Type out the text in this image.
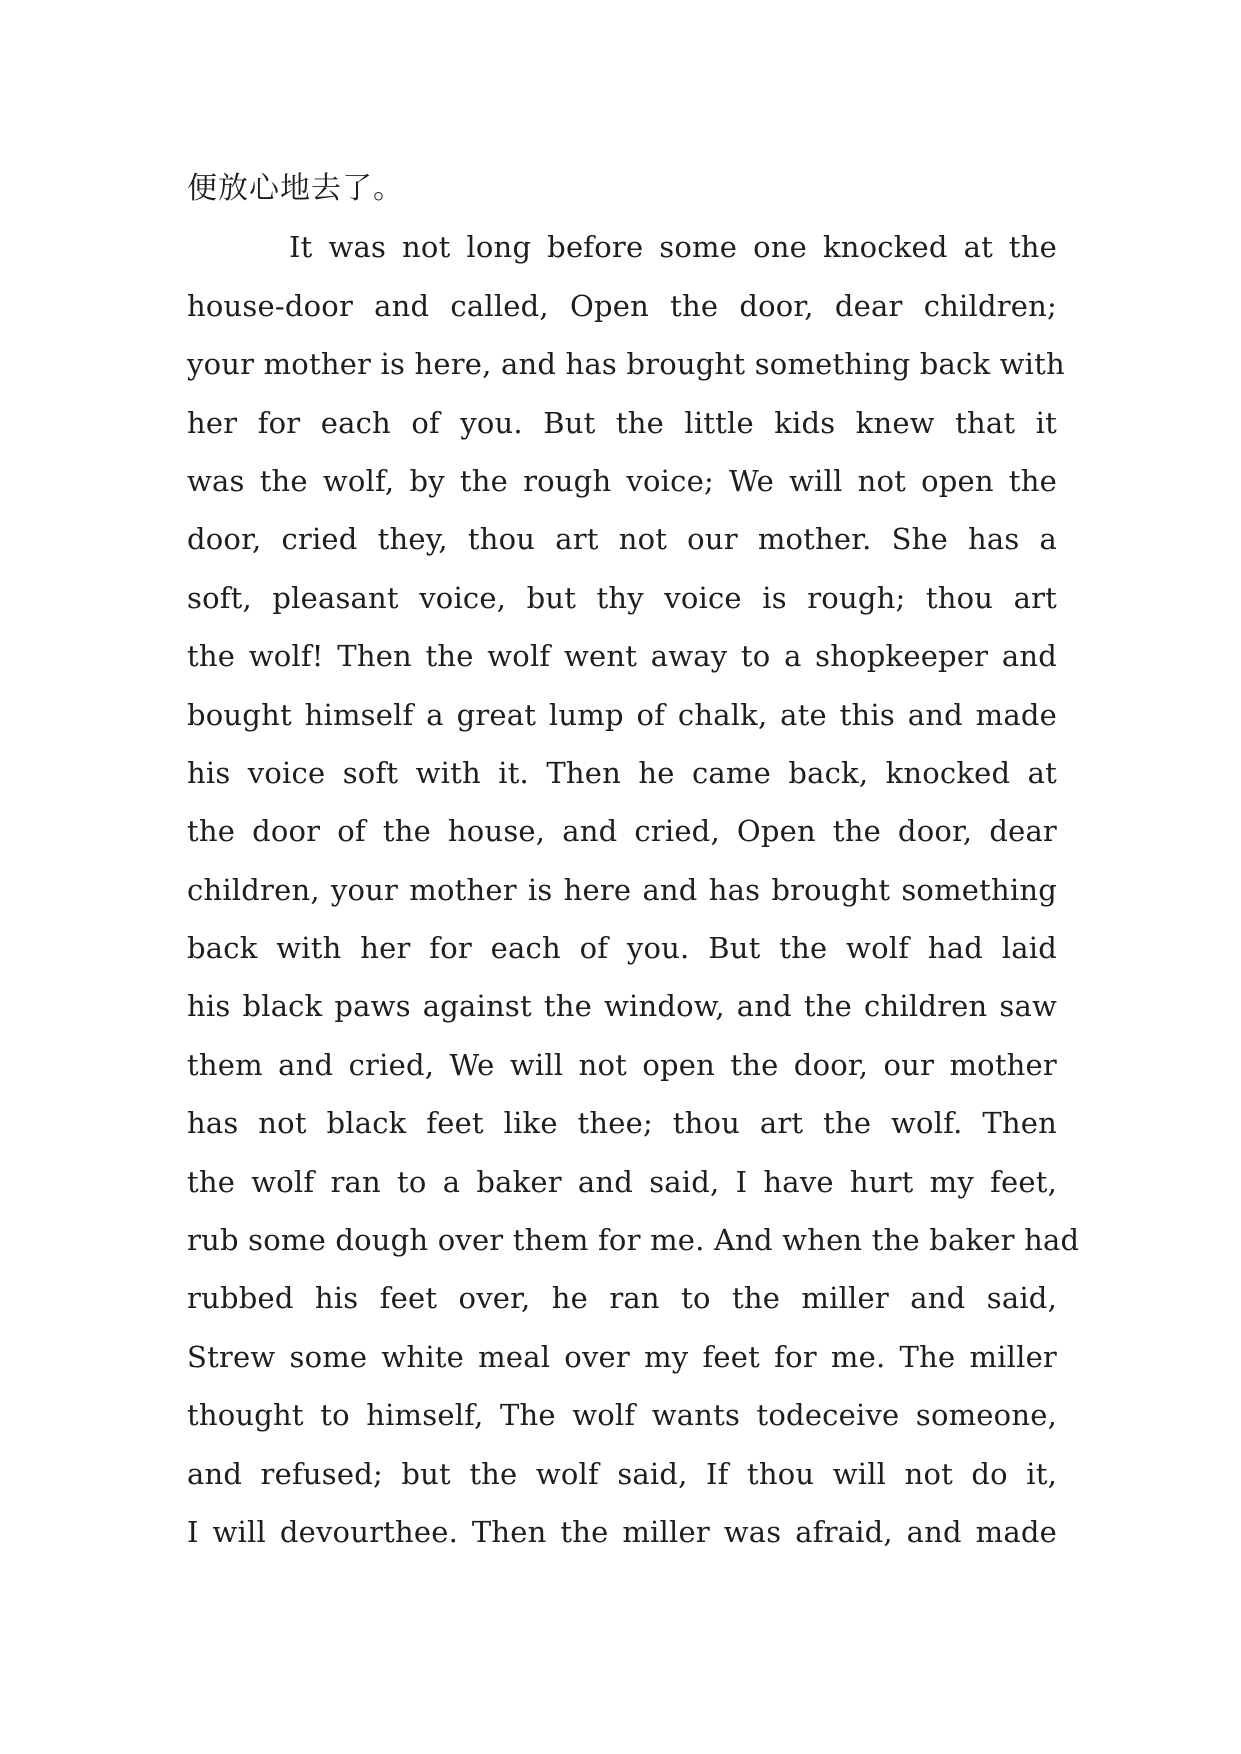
便放心地去了。
It was not long before some one knocked at the
house-door and called, Open the door, dear children;
your mother is here, and has brought something back with
her for each of you. But the little kids knew that it
was the wolf, by the rough voice; We will not open the
door, cried they, thou art not our mother. She has a
soft, pleasant voice, but thy voice is rough; thou art
the wolf! Then the wolf went away to a shopkeeper and
bought himself a great lump of chalk, ate this and made
his voice soft with it. Then he came back, knocked at
the door of the house, and cried, Open the door, dear
children, your mother is here and has brought something
back with her for each of you. But the wolf had laid
his black paws against the window, and the children saw
them and cried, We will not open the door, our mother
has not black feet like thee; thou art the wolf. Then
the wolf ran to a baker and said, I have hurt my feet,
rub some dough over them for me. And when the baker had
rubbed his feet over, he ran to the miller and said,
Strew some white meal over my feet for me. The miller
thought to himself, The wolf wants todeceive someone,
and refused; but the wolf said, If thou will not do it,
I will devourthee. Then the miller was afraid, and made
